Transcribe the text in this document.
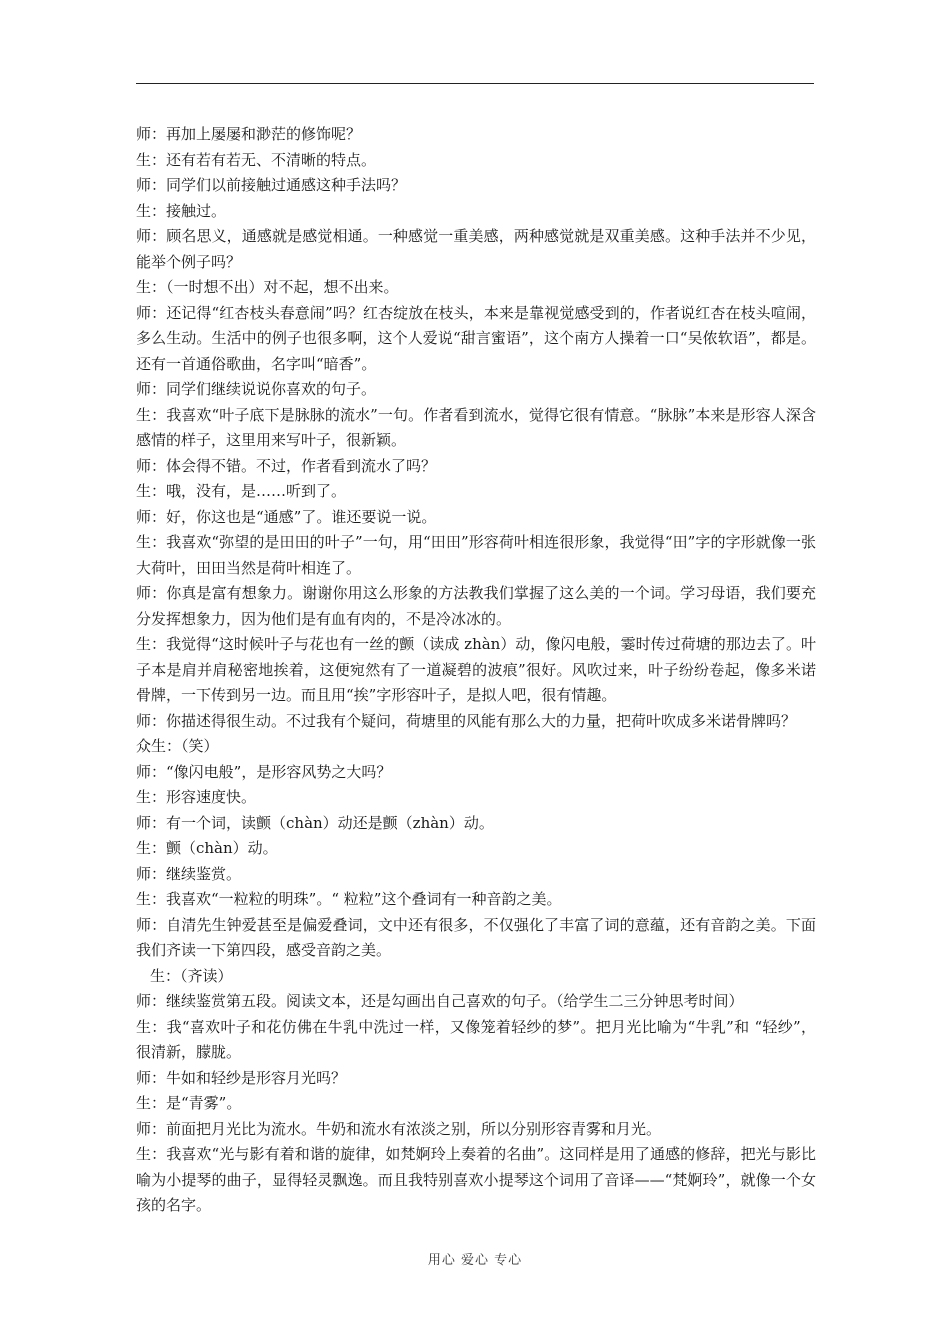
师：再加上屡屡和渺茫的修饰呢？

生：还有若有若无、不清晰的特点。

师：同学们以前接触过通感这种手法吗？

生：接触过。

师：顾名思义，通感就是感觉相通。一种感觉一重美感，两种感觉就是双重美感。这种手法并不少见，能举个例子吗？

生：（一时想不出）对不起，想不出来。

师：还记得“红杏枝头春意闹”吗？红杏绽放在枝头，本来是靠视觉感受到的，作者说红杏在枝头喧闹，多么生动。生活中的例子也很多啊，这个人爱说“甜言蜜语”，这个南方人操着一口“吴侬软语”，都是。还有一首通俗歌曲，名字叫“暗香”。

师：同学们继续说说你喜欢的句子。

生：我喜欢“叶子底下是脉脉的流水”一句。作者看到流水，觉得它很有情意。“脉脉”本来是形容人深含感情的样子，这里用来写叶子，很新颖。

师：体会得不错。不过，作者看到流水了吗？

生：哦，没有，是……听到了。

师：好，你这也是“通感”了。谁还要说一说。

生：我喜欢“弥望的是田田的叶子”一句，用“田田”形容荷叶相连很形象，我觉得“田”字的字形就像一张大荷叶，田田当然是荷叶相连了。

师：你真是富有想象力。谢谢你用这么形象的方法教我们掌握了这么美的一个词。学习母语，我们要充分发挥想象力，因为他们是有血有肉的，不是冷冰冰的。

生：我觉得“这时候叶子与花也有一丝的颤（读成 zhàn）动，像闪电般，霎时传过荷塘的那边去了。叶子本是肩并肩秘密地挨着，这便宛然有了一道凝碧的波痕”很好。风吹过来，叶子纷纷卷起，像多米诺骨牌，一下传到另一边。而且用“挨”字形容叶子，是拟人吧，很有情趣。

师：你描述得很生动。不过我有个疑问，荷塘里的风能有那么大的力量，把荷叶吹成多米诺骨牌吗？

众生：（笑）

师：“像闪电般”，是形容风势之大吗？

生：形容速度快。

师：有一个词，读颤（chàn）动还是颤（zhàn）动。

生：颤（chàn）动。

师：继续鉴赏。

生：我喜欢“一粒粒的明珠”。“ 粒粒”这个叠词有一种音韵之美。

师：自清先生钟爱甚至是偏爱叠词，文中还有很多，不仅强化了丰富了词的意蕴，还有音韵之美。下面我们齐读一下第四段，感受音韵之美。

生：（齐读）

师：继续鉴赏第五段。阅读文本，还是勾画出自己喜欢的句子。（给学生二三分钟思考时间）

生：我“喜欢叶子和花仿佛在牛乳中洗过一样，又像笼着轻纱的梦”。把月光比喻为“牛乳”和 “轻纱”，很清新，朦胧。

师：牛如和轻纱是形容月光吗？

生：是“青雾”。

师：前面把月光比为流水。牛奶和流水有浓淡之别，所以分别形容青雾和月光。

生：我喜欢“光与影有着和谐的旋律，如梵婀玲上奏着的名曲”。这同样是用了通感的修辞，把光与影比喻为小提琴的曲子，显得轻灵飘逸。而且我特别喜欢小提琴这个词用了音译——“梵婀玲”，就像一个女孩的名字。

用心 爱心 专心
